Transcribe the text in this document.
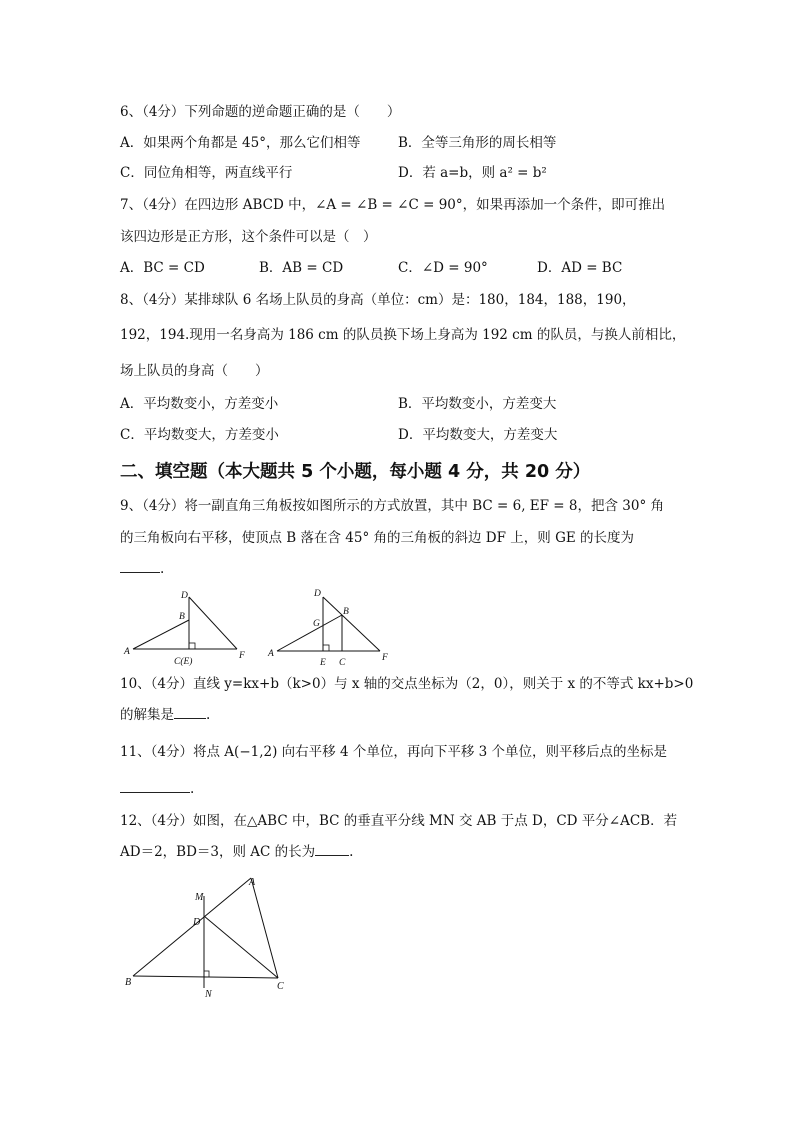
6、（4分）下列命题的逆命题正确的是（　　）
A．如果两个角都是 45°，那么它们相等	B．全等三角形的周长相等
C．同位角相等，两直线平行	D．若 a=b，则 a² = b²
7、（4分）在四边形 ABCD 中，∠A = ∠B = ∠C = 90°，如果再添加一个条件，即可推出
该四边形是正方形，这个条件可以是（　）
A．BC = CD	B．AB = CD	C．∠D = 90°	D．AD = BC
8、（4分）某排球队 6 名场上队员的身高（单位：cm）是：180，184，188，190，
192，194.现用一名身高为 186 cm 的队员换下场上身高为 192 cm 的队员，与换人前相比，
场上队员的身高（　　）
A．平均数变小，方差变小	B．平均数变小，方差变大
C．平均数变大，方差变小	D．平均数变大，方差变大
二、填空题（本大题共 5 个小题，每小题 4 分，共 20 分）
9、（4分）将一副直角三角板按如图所示的方式放置，其中 BC = 6, EF = 8，把含 30° 角
的三角板向右平移，使顶点 B 落在含 45° 角的三角板的斜边 DF 上，则 GE 的长度为
.
D
B
A
C(E)
F
D
B
G
A
E C	F
10、（4分）直线 y=kx+b（k>0）与 x 轴的交点坐标为（2，0），则关于 x 的不等式 kx+b>0
的解集是 .
11、（4分）将点 A(−1,2) 向右平移 4 个单位，再向下平移 3 个单位，则平移后点的坐标是
.
12、（4分）如图，在△ABC 中，BC 的垂直平分线 MN 交 AB 于点 D，CD 平分∠ACB．若
AD＝2，BD＝3，则 AC 的长为	.
M
A
D
B
N
C
